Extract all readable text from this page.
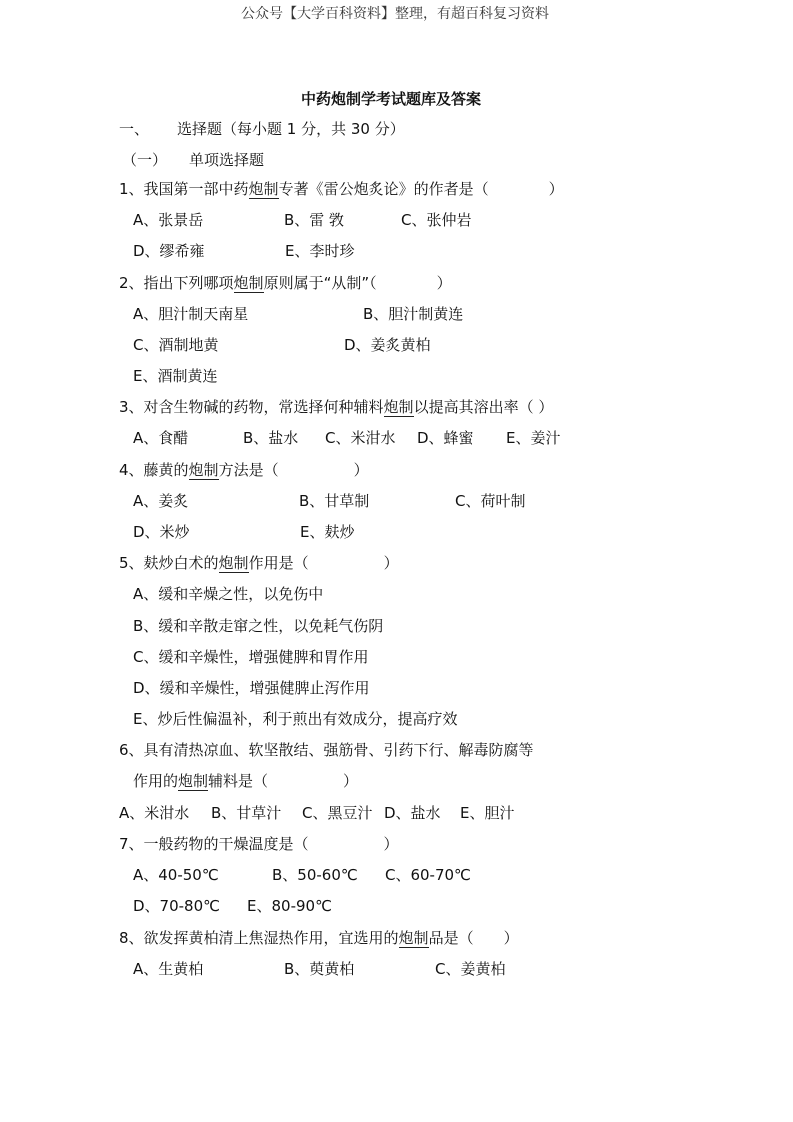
公众号【大学百科资料】整理，有超百科复习资料
中药炮制学考试题库及答案
一、 选择题（每小题 1 分，共 30 分）
（一） 单项选择题
1、我国第一部中药炮制专著《雷公炮炙论》的作者是（　　　　）
A、张景岳	B、雷 敩	C、张仲岩
D、缪希雍	E、李时珍
2、指出下列哪项炮制原则属于“从制”（　　　　）
A、胆汁制天南星	B、胆汁制黄连
C、酒制地黄	D、姜炙黄柏
E、酒制黄连
3、对含生物碱的药物，常选择何种辅料炮制以提高其溶出率（ ）
A、食醋	B、盐水 C、米泔水 D、蜂蜜 E、姜汁
4、藤黄的炮制方法是（　　　　　）
A、姜炙	B、甘草制	C、荷叶制
D、米炒	E、麸炒
5、麸炒白术的炮制作用是（　　　　　）
A、缓和辛燥之性，以免伤中
B、缓和辛散走窜之性，以免耗气伤阴
C、缓和辛燥性，增强健脾和胃作用
D、缓和辛燥性，增强健脾止泻作用
E、炒后性偏温补，利于煎出有效成分，提高疗效
6、具有清热凉血、软坚散结、强筋骨、引药下行、解毒防腐等
作用的炮制辅料是（　　　　　）
A、米泔水 B、甘草汁 C、黑豆汁 D、盐水 E、胆汁
7、一般药物的干燥温度是（　　　　　）
A、40-50℃	B、50-60℃ C、60-70℃
D、70-80℃ E、80-90℃
8、欲发挥黄柏清上焦湿热作用，宜选用的炮制品是（　　）
A、生黄柏	B、萸黄柏	C、姜黄柏
